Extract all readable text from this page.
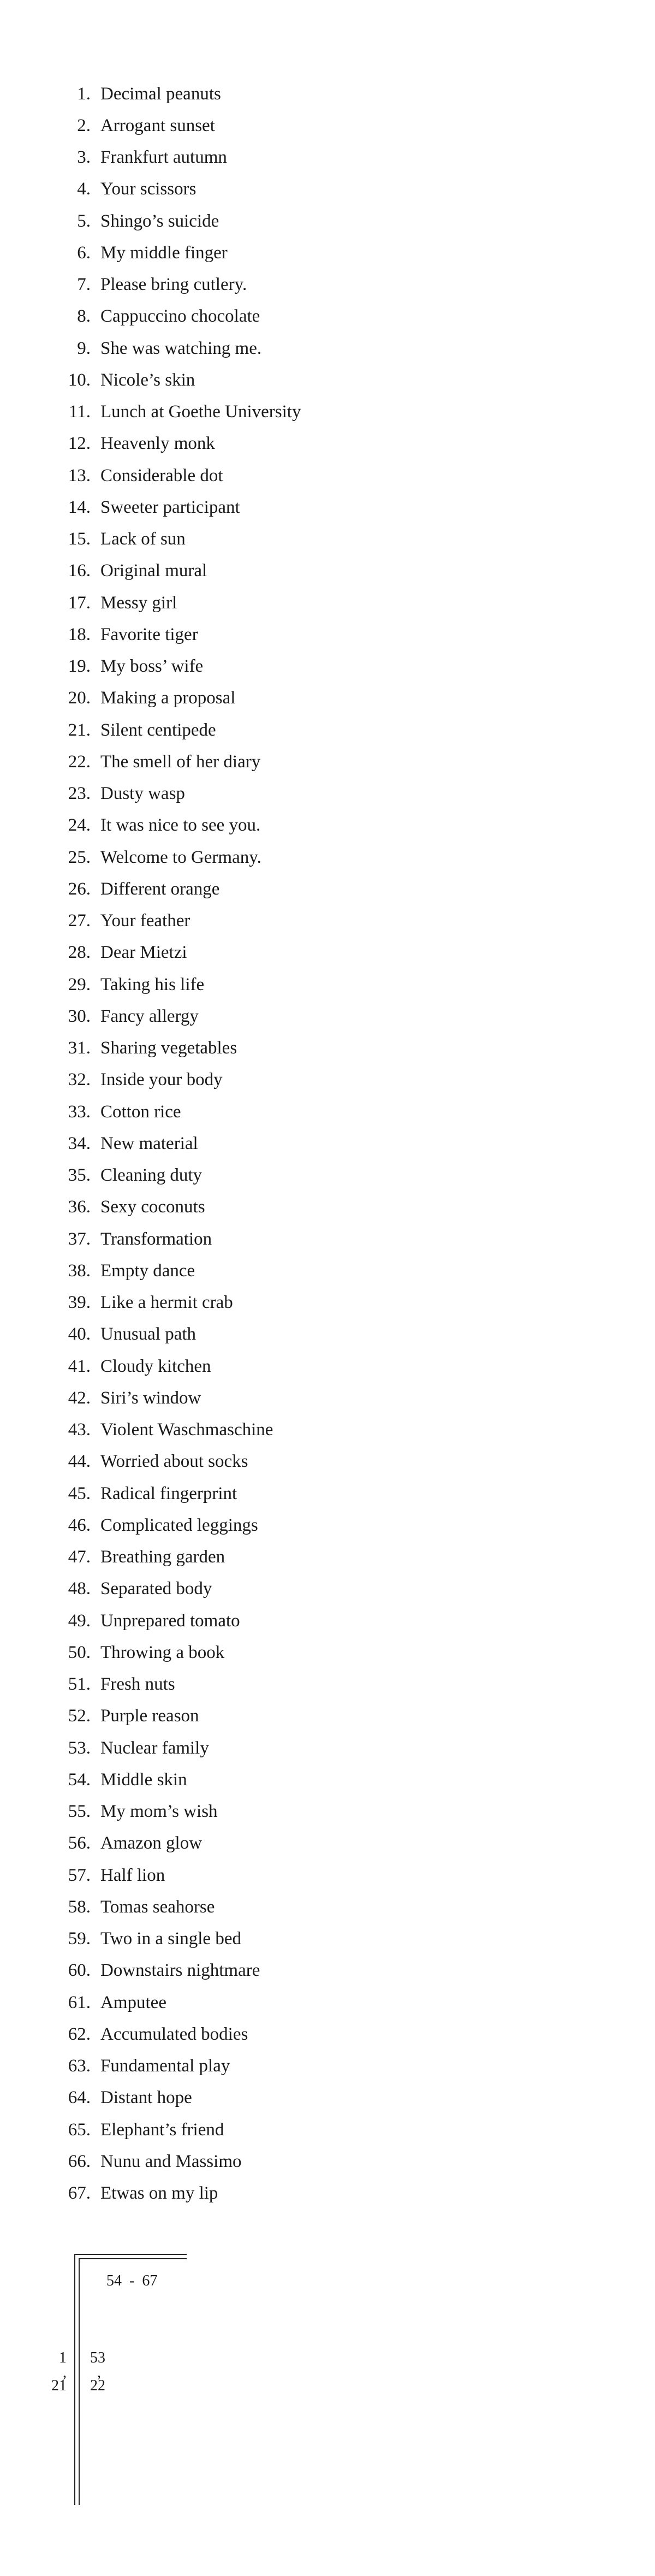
1. Decimal peanuts
2. Arrogant sunset
3. Frankfurt autumn
4. Your scissors
5. Shingo’s suicide
6. My middle finger
7. Please bring cutlery.
8. Cappuccino chocolate
9. She was watching me.
10. Nicole’s skin
11. Lunch at Goethe University
12. Heavenly monk
13. Considerable dot
14. Sweeter participant
15. Lack of sun
16. Original mural
17. Messy girl
18. Favorite tiger
19. My boss’ wife
20. Making a proposal
21. Silent centipede
22. The smell of her diary
23. Dusty wasp
24. It was nice to see you.
25. Welcome to Germany.
26. Different orange
27. Your feather
28. Dear Mietzi
29. Taking his life
30. Fancy allergy
31. Sharing vegetables
32. Inside your body
33. Cotton rice
34. New material
35. Cleaning duty
36. Sexy coconuts
37. Transformation
38. Empty dance
39. Like a hermit crab
40. Unusual path
41. Cloudy kitchen
42. Siri’s window
43. Violent Waschmaschine
44. Worried about socks
45. Radical fingerprint
46. Complicated leggings
47. Breathing garden
48. Separated body
49. Unprepared tomato
50. Throwing a book
51. Fresh nuts
52. Purple reason
53. Nuclear family
54. Middle skin
55. My mom’s wish
56. Amazon glow
57. Half lion
58. Tomas seahorse
59. Two in a single bed
60. Downstairs nightmare
61. Amputee
62. Accumulated bodies
63. Fundamental play
64. Distant hope
65. Elephant’s friend
66. Nunu and Massimo
67. Etwas on my lip
54  -  67
1
,
21
53
,
22
